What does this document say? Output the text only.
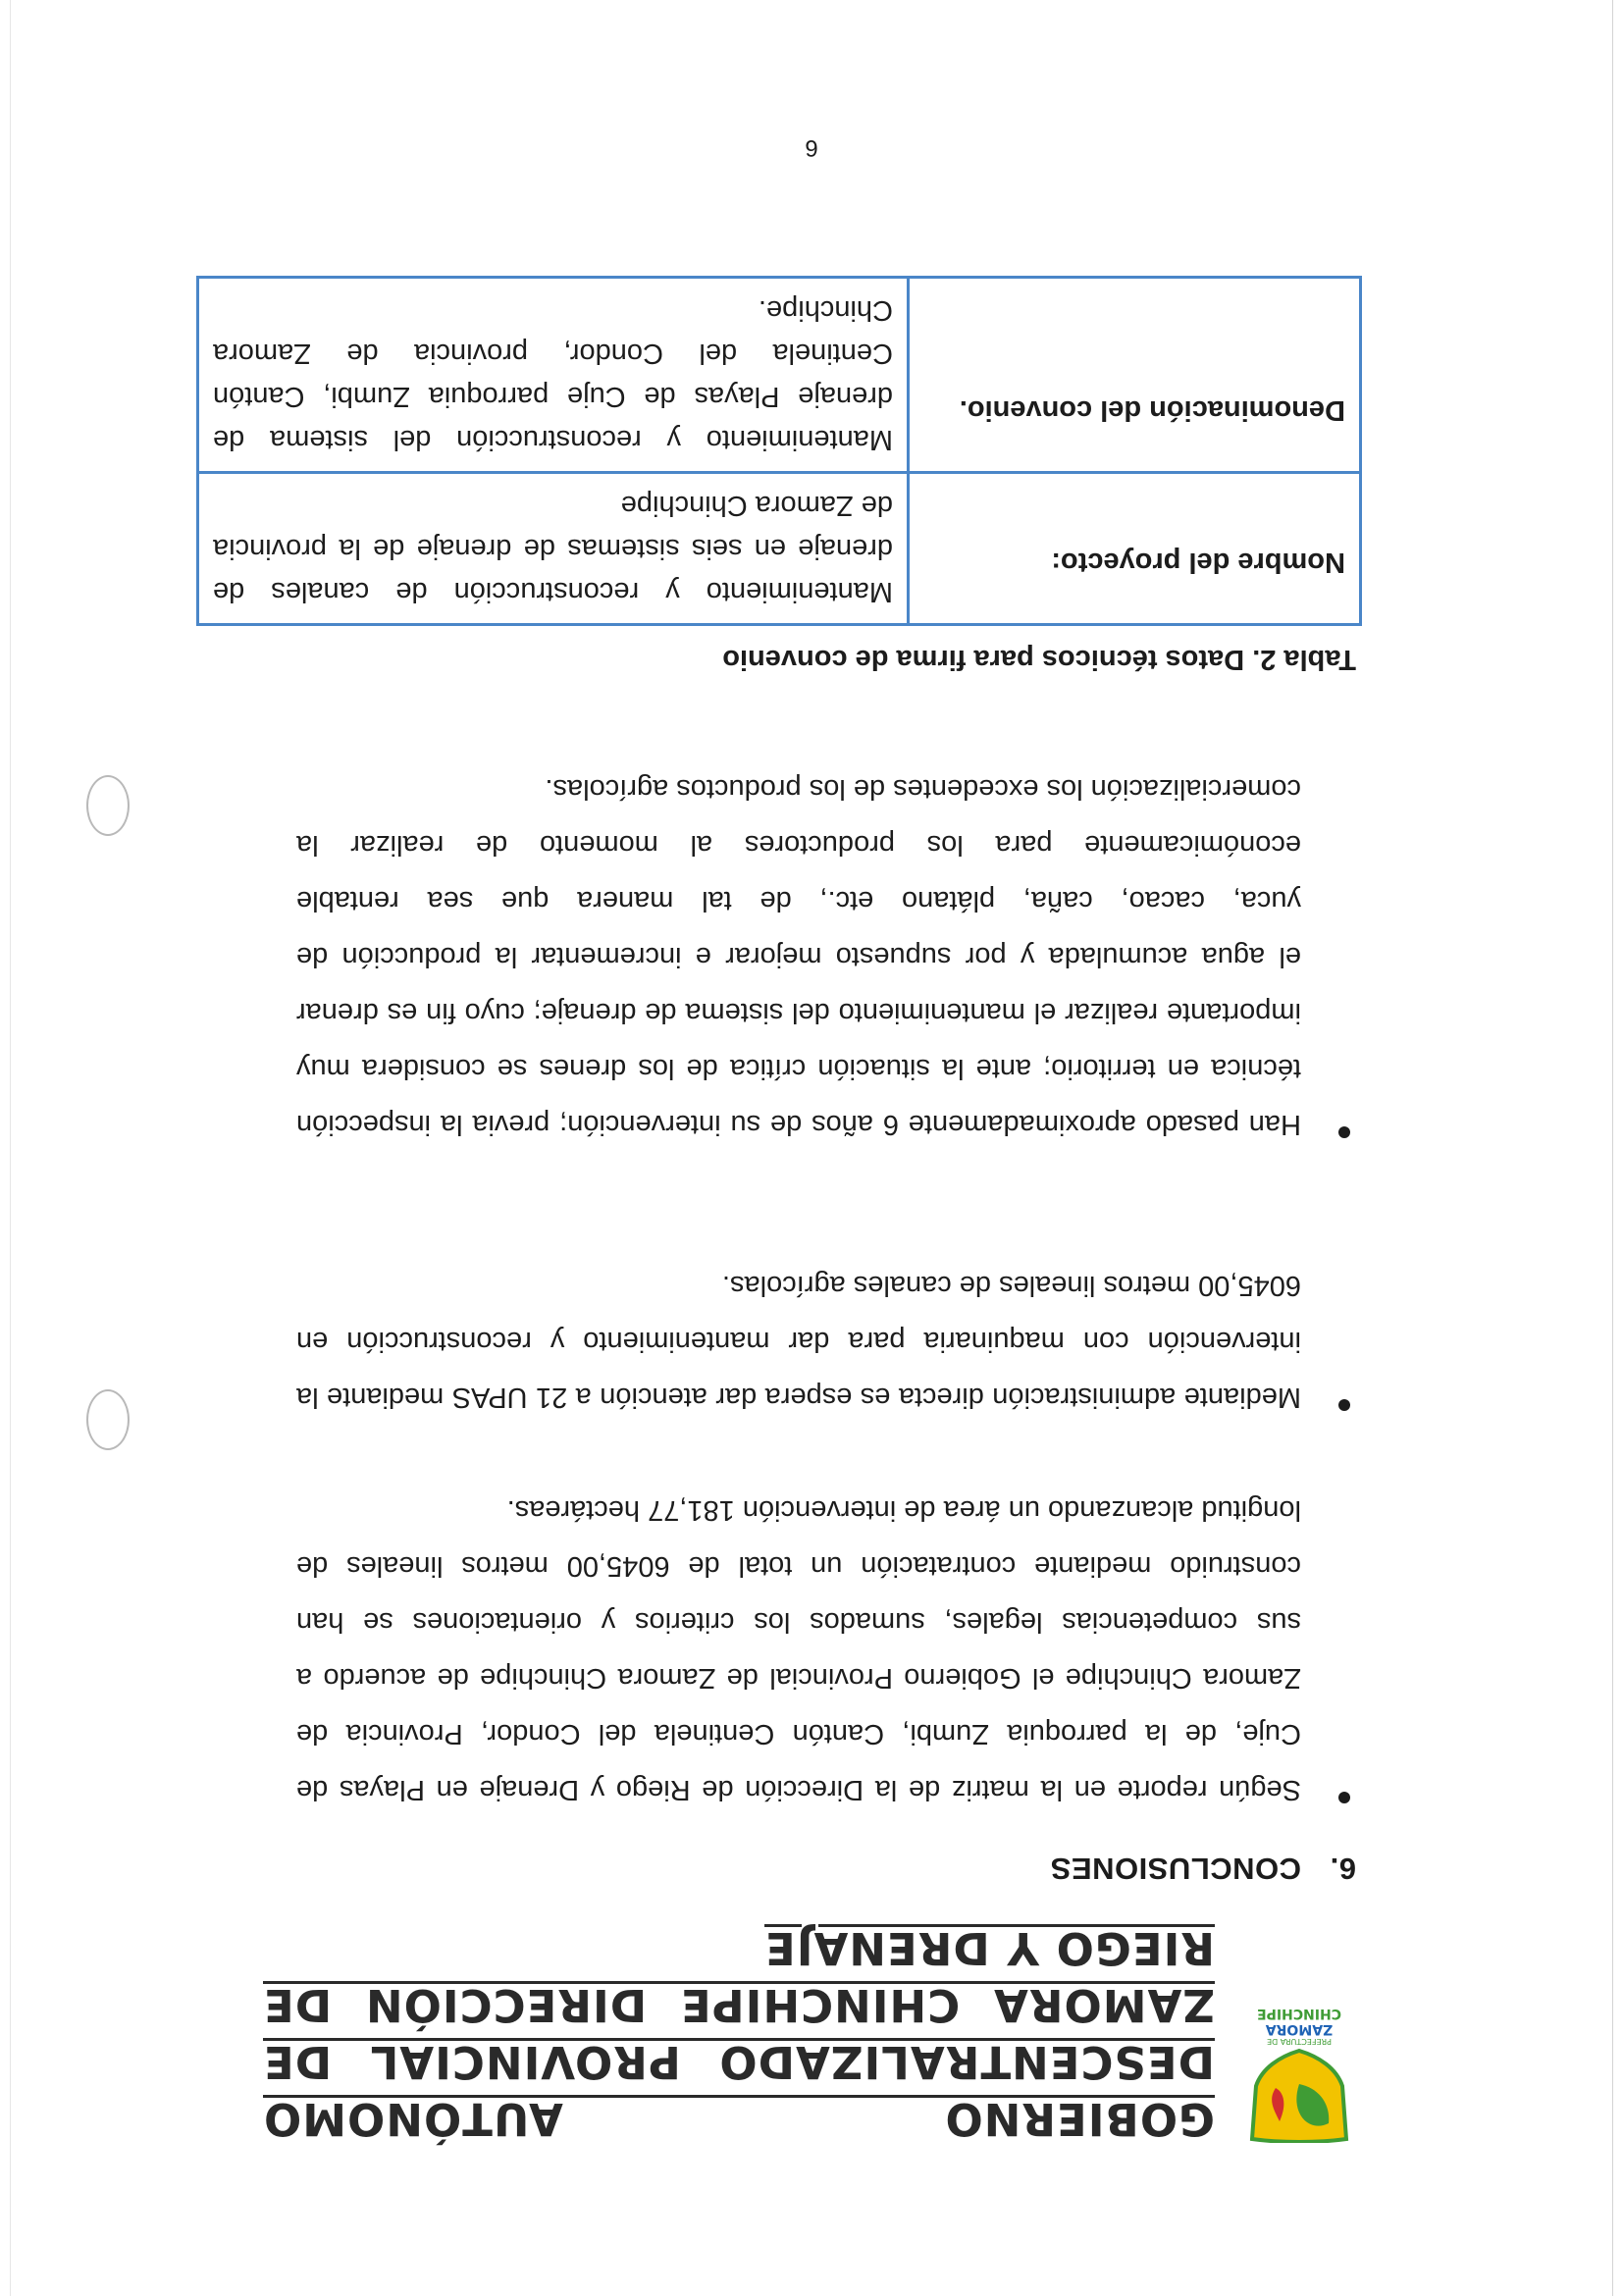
PREFECTURA DE
ZAMORA
CHINCHIPE
GOBIERNO AUTÓNOMO DESCENTRALIZADO PROVINCIAL DE ZAMORA CHINCHIPE DIRECCIÓN DE RIEGO Y DRENAJE
6.CONCLUSIONES
Según reporte en la matriz de la Dirección de Riego y Drenaje en Playas de Cuje, de la parroquia Zumbi, Cantón Centinela del Condor, Provincia de Zamora Chinchipe el Gobierno Provincial de Zamora Chinchipe de acuerdo a sus competencias legales, sumados los criterios y orientaciones se han construido mediante contratación un total de 6045,00 metros lineales de longitud alcanzando un área de intervención 181,77 hectáreas.
Mediante administración directa es espera dar atención a 21 UPAS mediante la intervención con maquinaria para dar mantenimiento y reconstrucción en 6045,00 metros lineales de canales agrícolas.
Han pasado aproximadamente 6 años de su intervención; previa la inspección técnica en territorio; ante la situación crítica de los drenes se considera muy importante realizar el mantenimiento del sistema de drenaje; cuyo fin es drenar el agua acumulada y por supuesto mejorar e incrementar la producción de yuca, cacao, caña, plátano etc., de tal manera que sea rentable económicamente para los productores al momento de realizar la comercialización los excedentes de los productos agrícolas.
Tabla 2. Datos técnicos para firma de convenio
Nombre del proyecto:	Mantenimiento y reconstrucción de canales de drenaje en seis sistemas de drenaje de la provincia de Zamora Chinchipe
Denominación del convenio.	Mantenimiento y reconstrucción del sistema de drenaje Playas de Cuje parroquia Zumbi, Cantón Centinela del Condor, provincia de Zamora Chinchipe.
6
